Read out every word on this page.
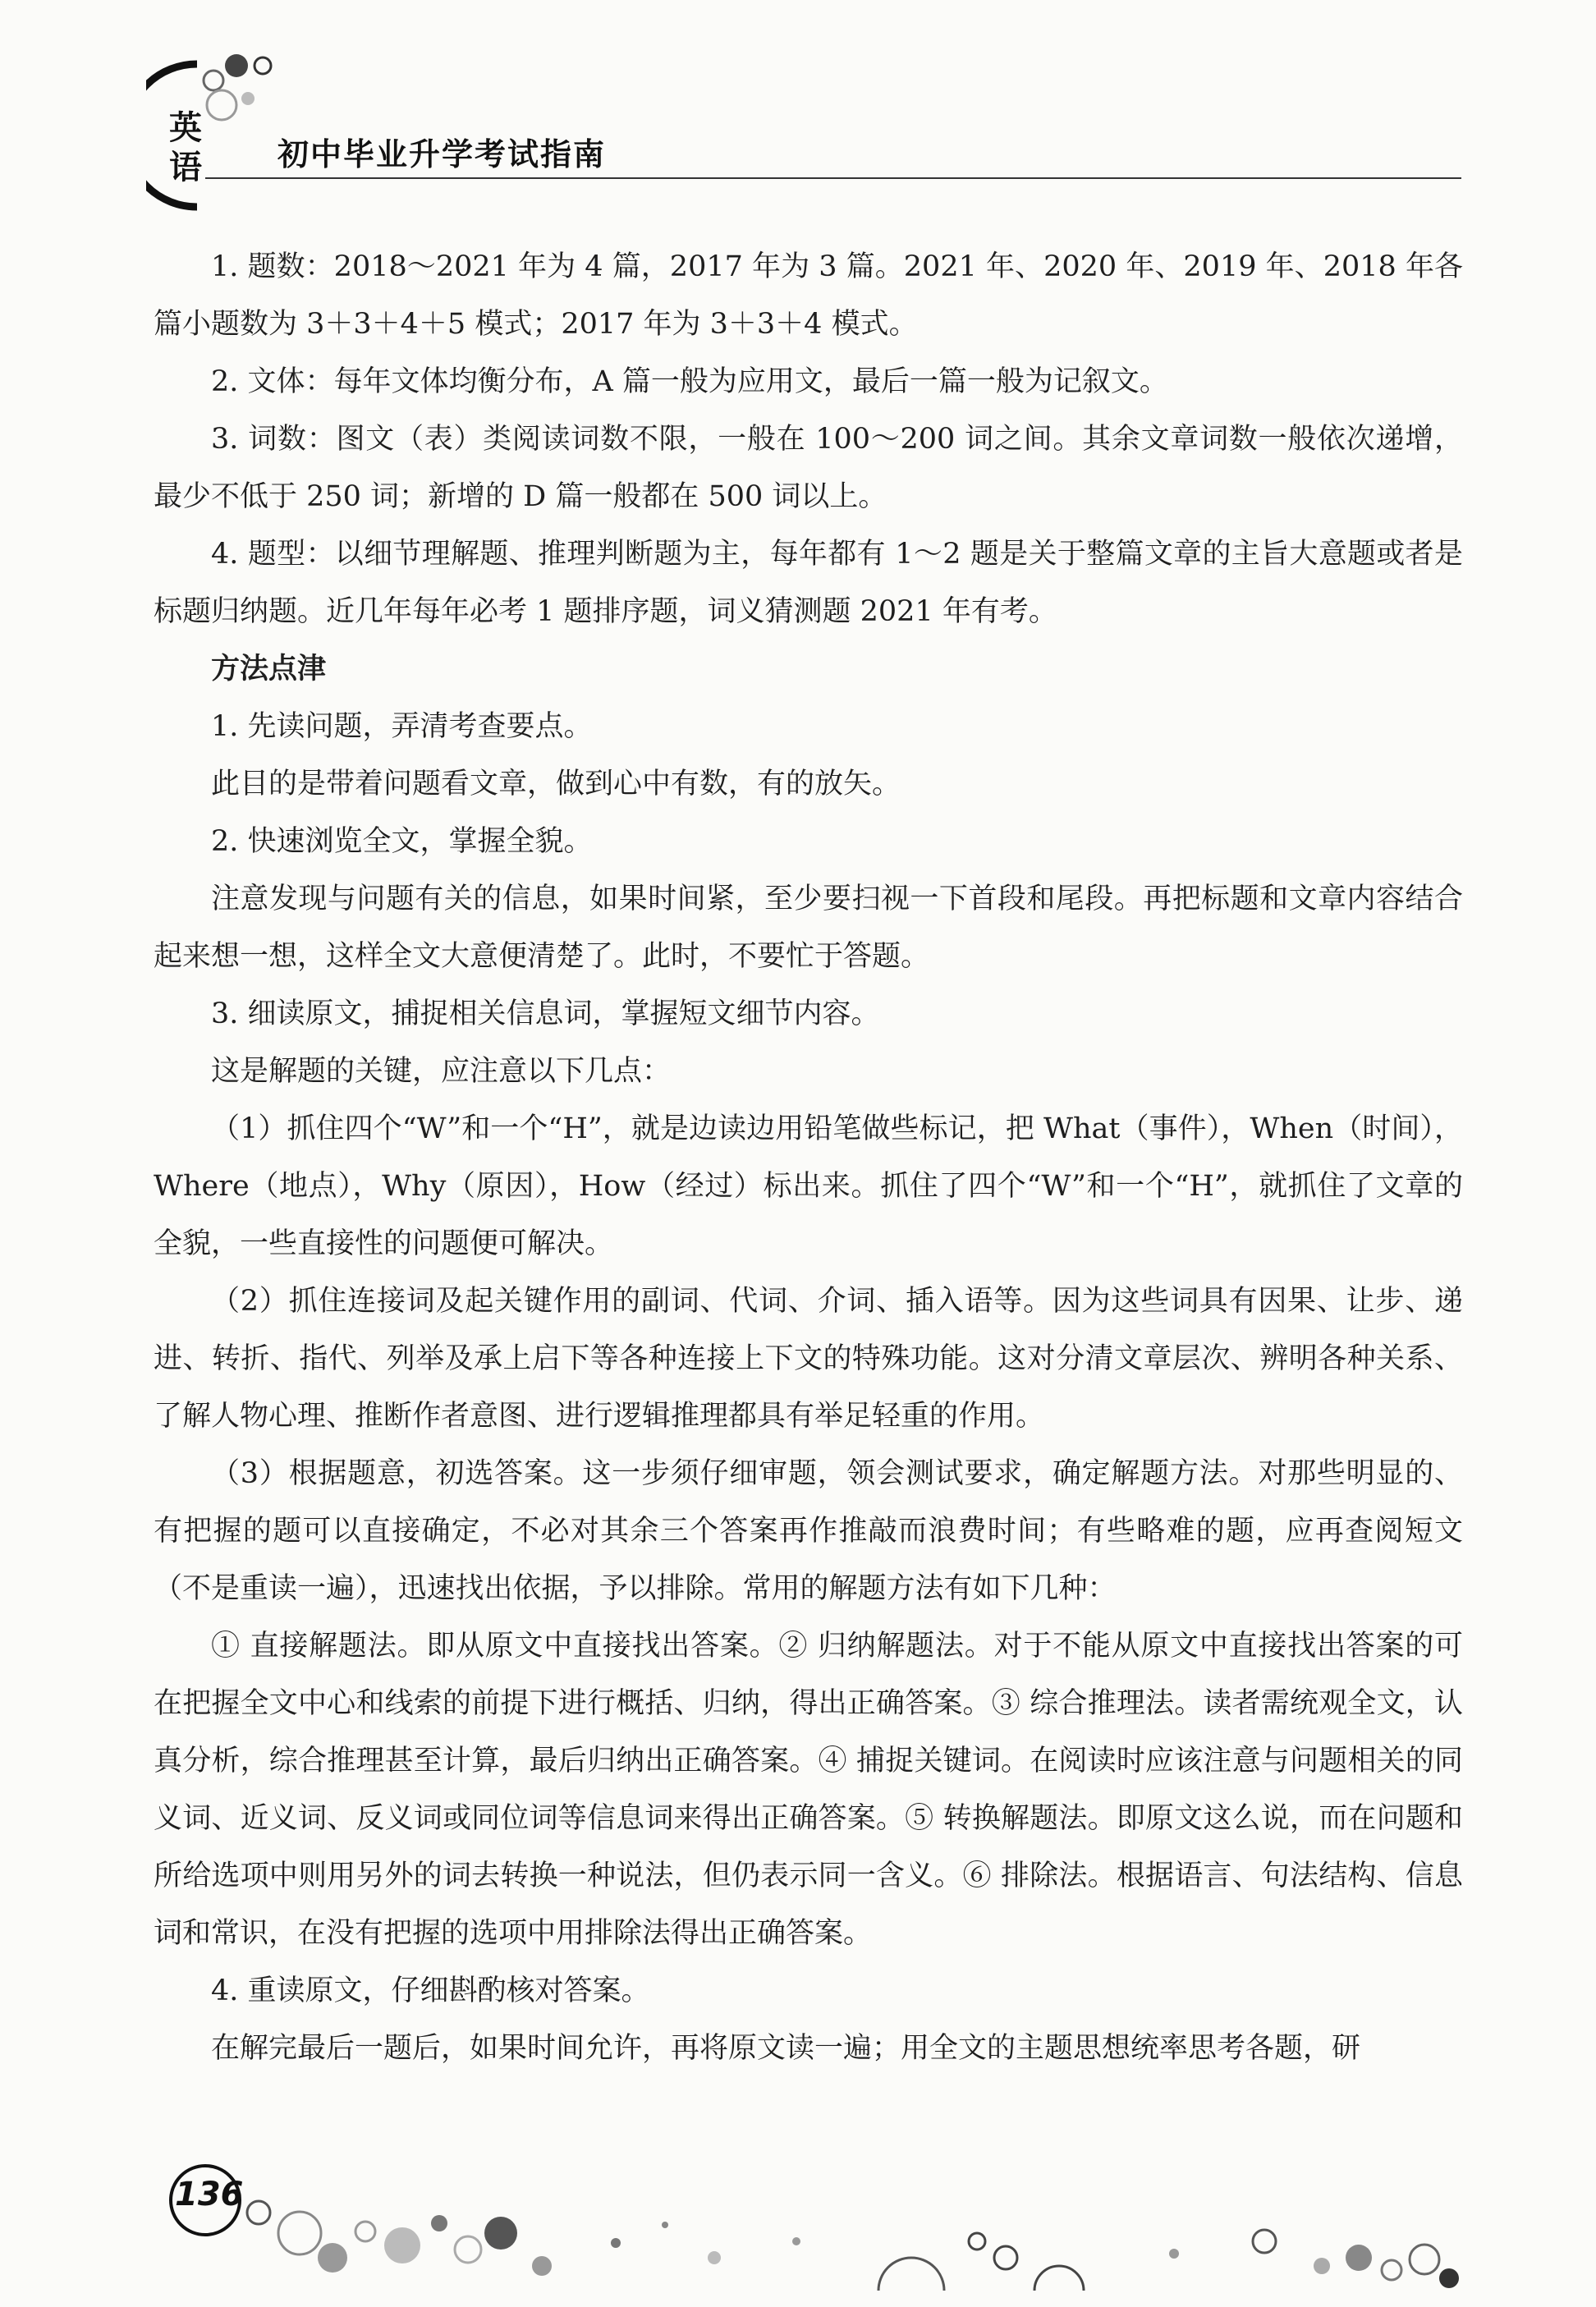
英语 初中毕业升学考试指南

1. 题数：2018～2021 年为 4 篇，2017 年为 3 篇。2021 年、2020 年、2019 年、2018 年各篇小题数为 3＋3＋4＋5 模式；2017 年为 3＋3＋4 模式。

2. 文体：每年文体均衡分布，A 篇一般为应用文，最后一篇一般为记叙文。

3. 词数：图文（表）类阅读词数不限，一般在 100～200 词之间。其余文章词数一般依次递增，最少不低于 250 词；新增的 D 篇一般都在 500 词以上。

4. 题型：以细节理解题、推理判断题为主，每年都有 1～2 题是关于整篇文章的主旨大意题或者是标题归纳题。近几年每年必考 1 题排序题，词义猜测题 2021 年有考。

方法点津

1. 先读问题，弄清考查要点。

此目的是带着问题看文章，做到心中有数，有的放矢。

2. 快速浏览全文，掌握全貌。

注意发现与问题有关的信息，如果时间紧，至少要扫视一下首段和尾段。再把标题和文章内容结合起来想一想，这样全文大意便清楚了。此时，不要忙于答题。

3. 细读原文，捕捉相关信息词，掌握短文细节内容。

这是解题的关键，应注意以下几点：

（1）抓住四个“W”和一个“H”，就是边读边用铅笔做些标记，把 What（事件），When（时间），Where（地点），Why（原因），How（经过）标出来。抓住了四个“W”和一个“H”，就抓住了文章的全貌，一些直接性的问题便可解决。

（2）抓住连接词及起关键作用的副词、代词、介词、插入语等。因为这些词具有因果、让步、递进、转折、指代、列举及承上启下等各种连接上下文的特殊功能。这对分清文章层次、辨明各种关系、了解人物心理、推断作者意图、进行逻辑推理都具有举足轻重的作用。

（3）根据题意，初选答案。这一步须仔细审题，领会测试要求，确定解题方法。对那些明显的、有把握的题可以直接确定，不必对其余三个答案再作推敲而浪费时间；有些略难的题，应再查阅短文（不是重读一遍），迅速找出依据，予以排除。常用的解题方法有如下几种：

① 直接解题法。即从原文中直接找出答案。② 归纳解题法。对于不能从原文中直接找出答案的可在把握全文中心和线索的前提下进行概括、归纳，得出正确答案。③ 综合推理法。读者需统观全文，认真分析，综合推理甚至计算，最后归纳出正确答案。④ 捕捉关键词。在阅读时应该注意与问题相关的同义词、近义词、反义词或同位词等信息词来得出正确答案。⑤ 转换解题法。即原文这么说，而在问题和所给选项中则用另外的词去转换一种说法，但仍表示同一含义。⑥ 排除法。根据语言、句法结构、信息词和常识，在没有把握的选项中用排除法得出正确答案。

4. 重读原文，仔细斟酌核对答案。

在解完最后一题后，如果时间允许，再将原文读一遍；用全文的主题思想统率思考各题，研

136
